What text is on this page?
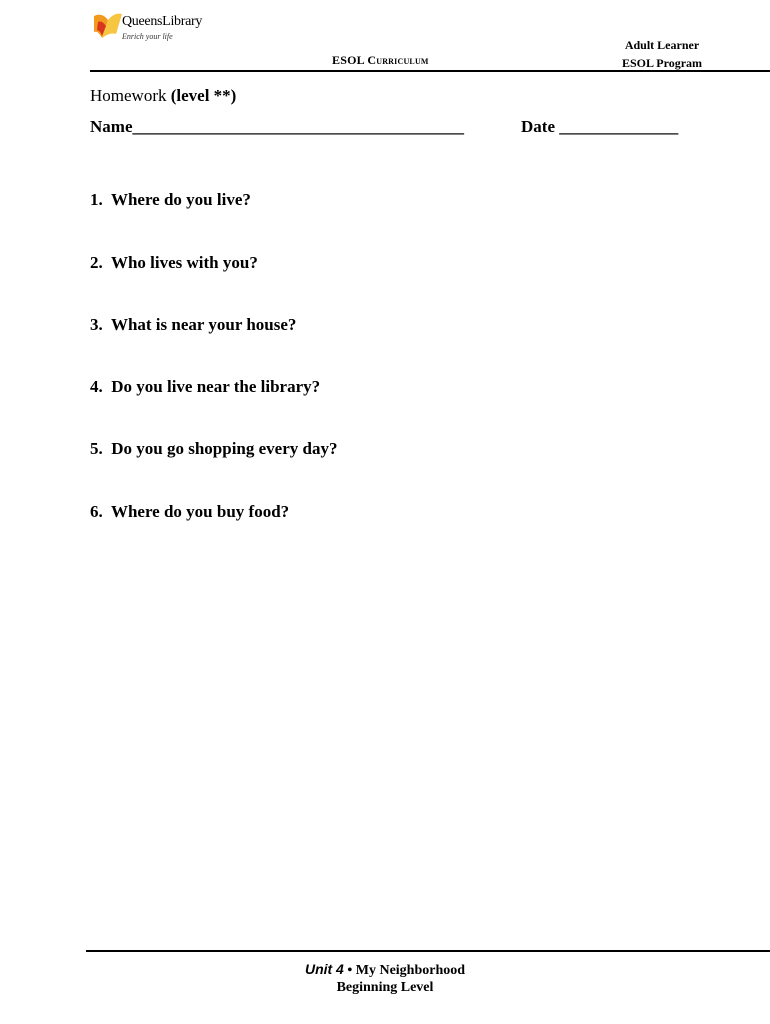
QueensLibrary
Enrich your life
ESOL Curriculum
Adult Learner
ESOL Program
Homework (level **)
Name_______________________________________	Date ______________
1.  Where do you live?
2.  Who lives with you?
3.  What is near your house?
4.  Do you live near the library?
5.  Do you go shopping every day?
6.  Where do you buy food?
Unit 4 • My Neighborhood
Beginning Level
